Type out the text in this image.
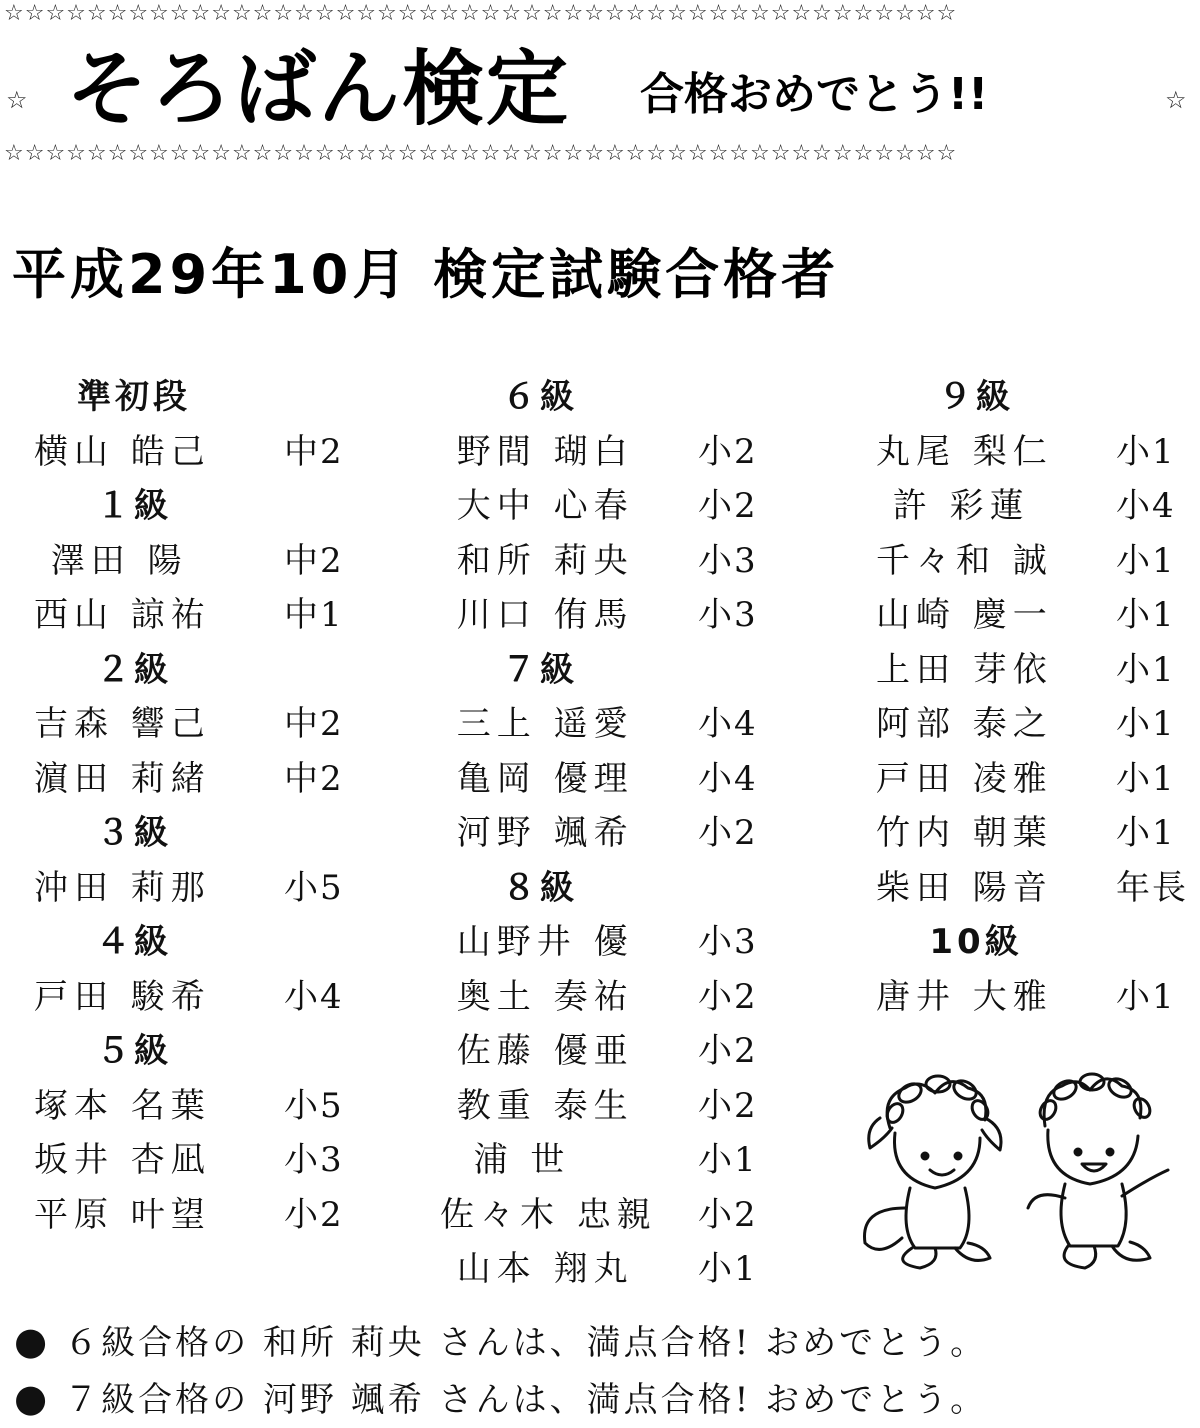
☆☆☆☆☆☆☆☆☆☆☆☆☆☆☆☆☆☆☆☆☆☆☆☆☆☆☆☆☆☆☆☆☆☆☆☆☆☆☆☆☆☆☆☆☆☆
☆ そろばん検定 合格おめでとう!!	☆
☆☆☆☆☆☆☆☆☆☆☆☆☆☆☆☆☆☆☆☆☆☆☆☆☆☆☆☆☆☆☆☆☆☆☆☆☆☆☆☆☆☆☆☆☆☆
平成29年10月 検定試験合格者
準初段
横山 皓己 中2
１級
澤田 陽	中2
西山 諒祐 中1
２級
吉森 響己 中2
濵田 莉緒 中2
３級
沖田 莉那 小5
４級
戸田 駿希 小4
５級
塚本 名葉 小5
坂井 杏凪 小3
平原 叶望 小2
６級
野間 瑚白 小2
大中 心春 小2
和所 莉央 小3
川口 侑馬 小3
７級
三上 遥愛 小4
亀岡 優理 小4
河野 颯希 小2
８級
山野井 優 小3
奥土 奏祐 小2
佐藤 優亜 小2
教重 泰生 小2
浦 世	小1
佐々木 忠親 小2
山本 翔丸 小1
９級
丸尾 梨仁 小1
許 彩蓮	小4
千々和 誠 小1
山崎 慶一 小1
上田 芽依 小1
阿部 泰之 小1
戸田 凌雅 小1
竹内 朝葉 小1
柴田 陽音 年長
10級
唐井 大雅 小1
● ６級合格の 和所 莉央 さんは、満点合格! おめでとう。
● ７級合格の 河野 颯希 さんは、満点合格! おめでとう。
